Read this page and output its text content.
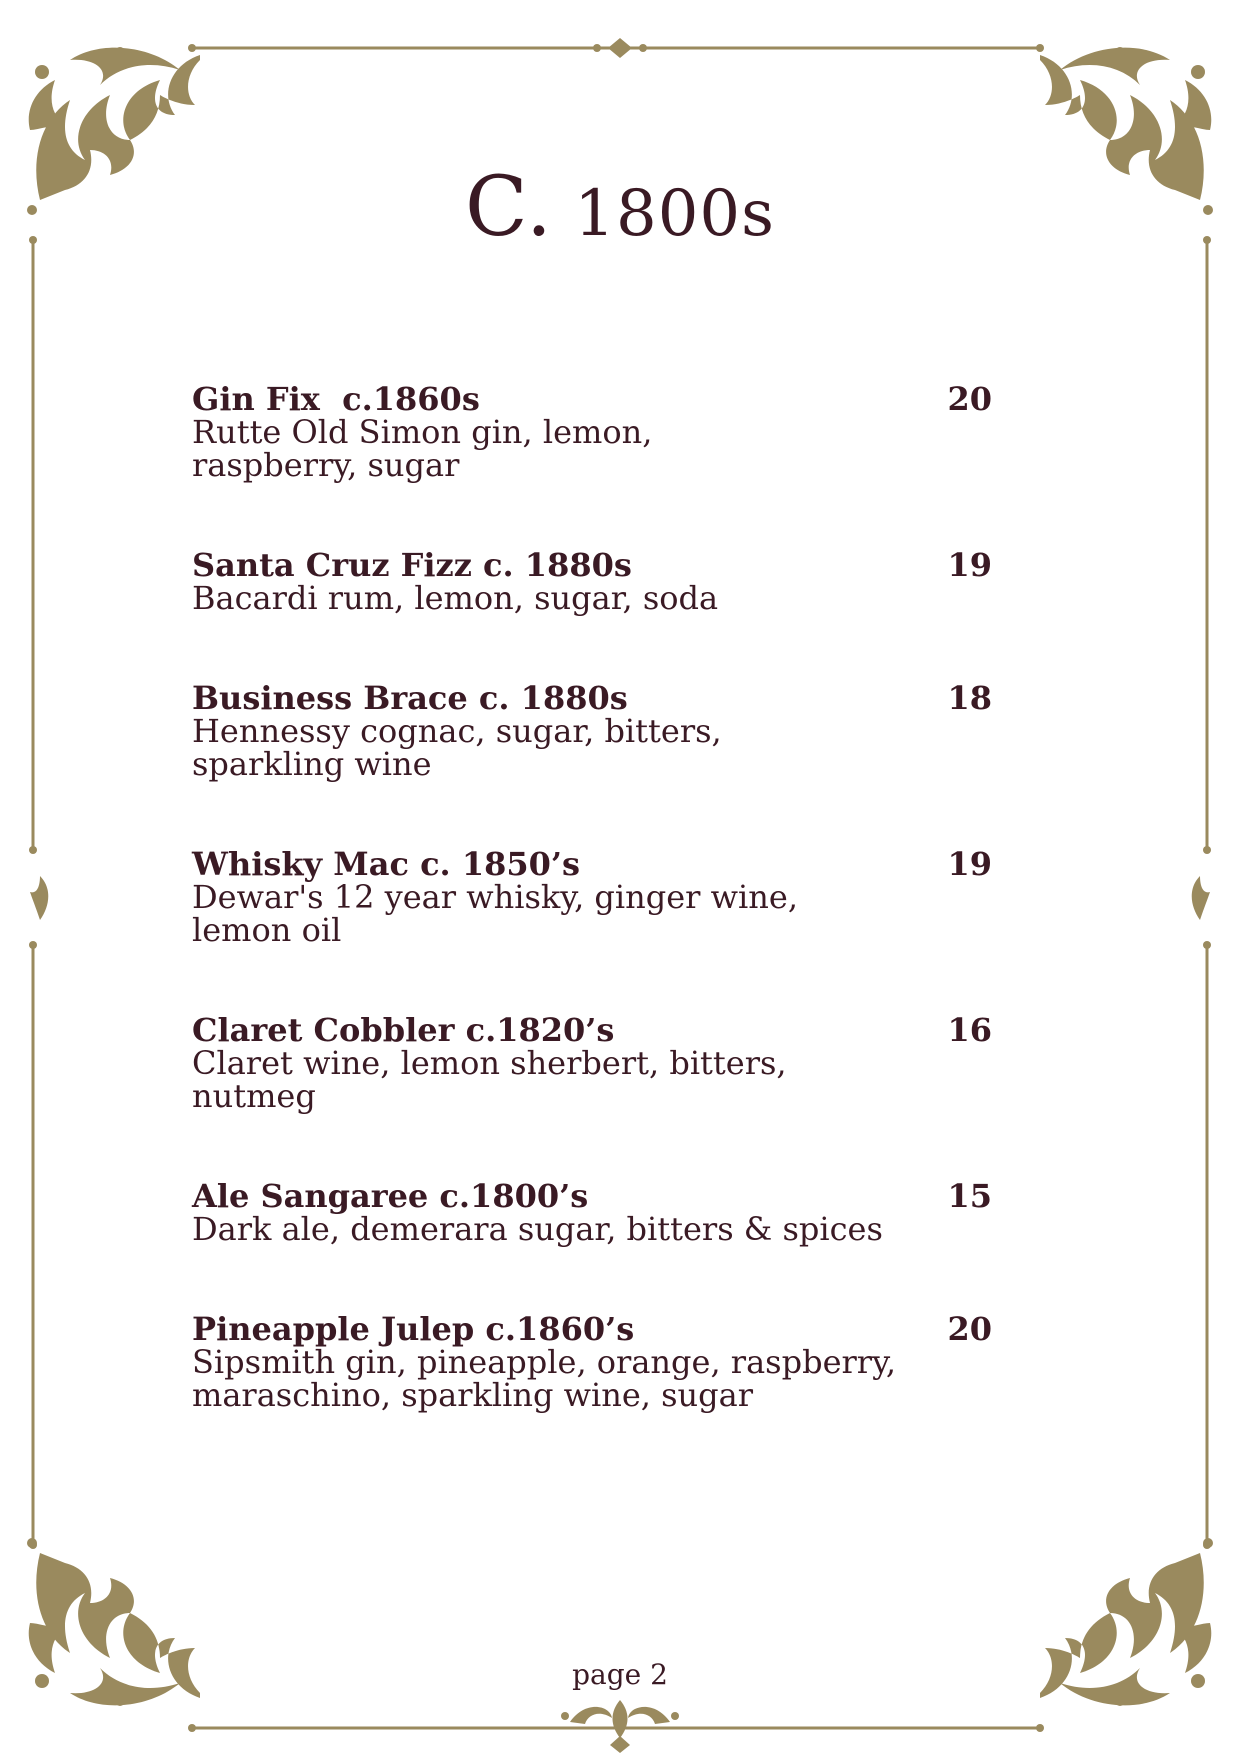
C. 1800s
Gin Fix  c.1860s	20
Rutte Old Simon gin, lemon,
raspberry, sugar
Santa Cruz Fizz c. 1880s	19
Bacardi rum, lemon, sugar, soda
Business Brace c. 1880s	18
Hennessy cognac, sugar, bitters,
sparkling wine
Whisky Mac c. 1850’s	19
Dewar's 12 year whisky, ginger wine,
lemon oil
Claret Cobbler c.1820’s	16
Claret wine, lemon sherbert, bitters,
nutmeg
Ale Sangaree c.1800’s	15
Dark ale, demerara sugar, bitters & spices
Pineapple Julep c.1860’s	20
Sipsmith gin, pineapple, orange, raspberry,
maraschino, sparkling wine, sugar
page 2
